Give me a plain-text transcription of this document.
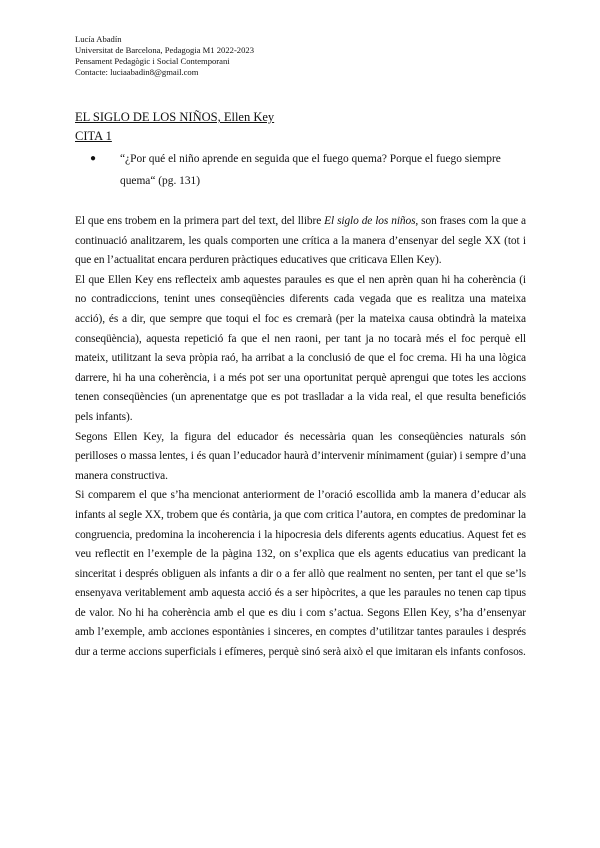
Lucía Abadín
Universitat de Barcelona, Pedagogia M1 2022-2023
Pensament Pedagògic i Social Contemporani
Contacte: luciaabadin8@gmail.com
EL SIGLO DE LOS NIÑOS, Ellen Key
CITA 1
● “¿Por qué el niño aprende en seguida que el fuego quema? Porque el fuego siempre quema“ (pg. 131)

El que ens trobem en la primera part del text, del llibre El siglo de los niños, son frases com la que a continuació analitzarem, les quals comporten une crítica a la manera d’ensenyar del segle XX (tot i que en l’actualitat encara perduren pràctiques educatives que criticava Ellen Key).

El que Ellen Key ens reflecteix amb aquestes paraules es que el nen aprèn quan hi ha coherència (i no contradiccions, tenint unes conseqüències diferents cada vegada que es realitza una mateixa acció), és a dir, que sempre que toqui el foc es cremarà (per la mateixa causa obtindrà la mateixa conseqüència), aquesta repetició fa que el nen raoni, per tant ja no tocarà més el foc perquè ell mateix, utilitzant la seva pròpia raó, ha arribat a la conclusió de que el foc crema. Hi ha una lògica darrere, hi ha una coherència, i a més pot ser una oportunitat perquè aprengui que totes les accions tenen conseqüències (un aprenentatge que es pot traslladar a la vida real, el que resulta beneficiós pels infants).

Segons Ellen Key, la figura del educador és necessària quan les conseqüències naturals són perilloses o massa lentes, i és quan l’educador haurà d’intervenir mínimament (guiar) i sempre d’una manera constructiva.

Si comparem el que s’ha mencionat anteriorment de l’oració escollida amb la manera d’educar als infants al segle XX, trobem que és contària, ja que com critica l’autora, en comptes de predominar la congruencia, predomina la incoherencia i la hipocresia dels diferents agents educatius. Aquest fet es veu reflectit en l’exemple de la pàgina 132, on s’explica que els agents educatius van predicant la sinceritat i després obliguen als infants a dir o a fer allò que realment no senten, per tant el que se’ls ensenyava veritablement amb aquesta acció és a ser hipòcrites, a que les paraules no tenen cap tipus de valor. No hi ha coherència amb el que es diu i com s’actua. Segons Ellen Key, s’ha d’ensenyar amb l’exemple, amb acciones espontànies i sinceres, en comptes d’utilitzar tantes paraules i després dur a terme accions superficials i efímeres, perquè sinó serà això el que imitaran els infants confosos.
